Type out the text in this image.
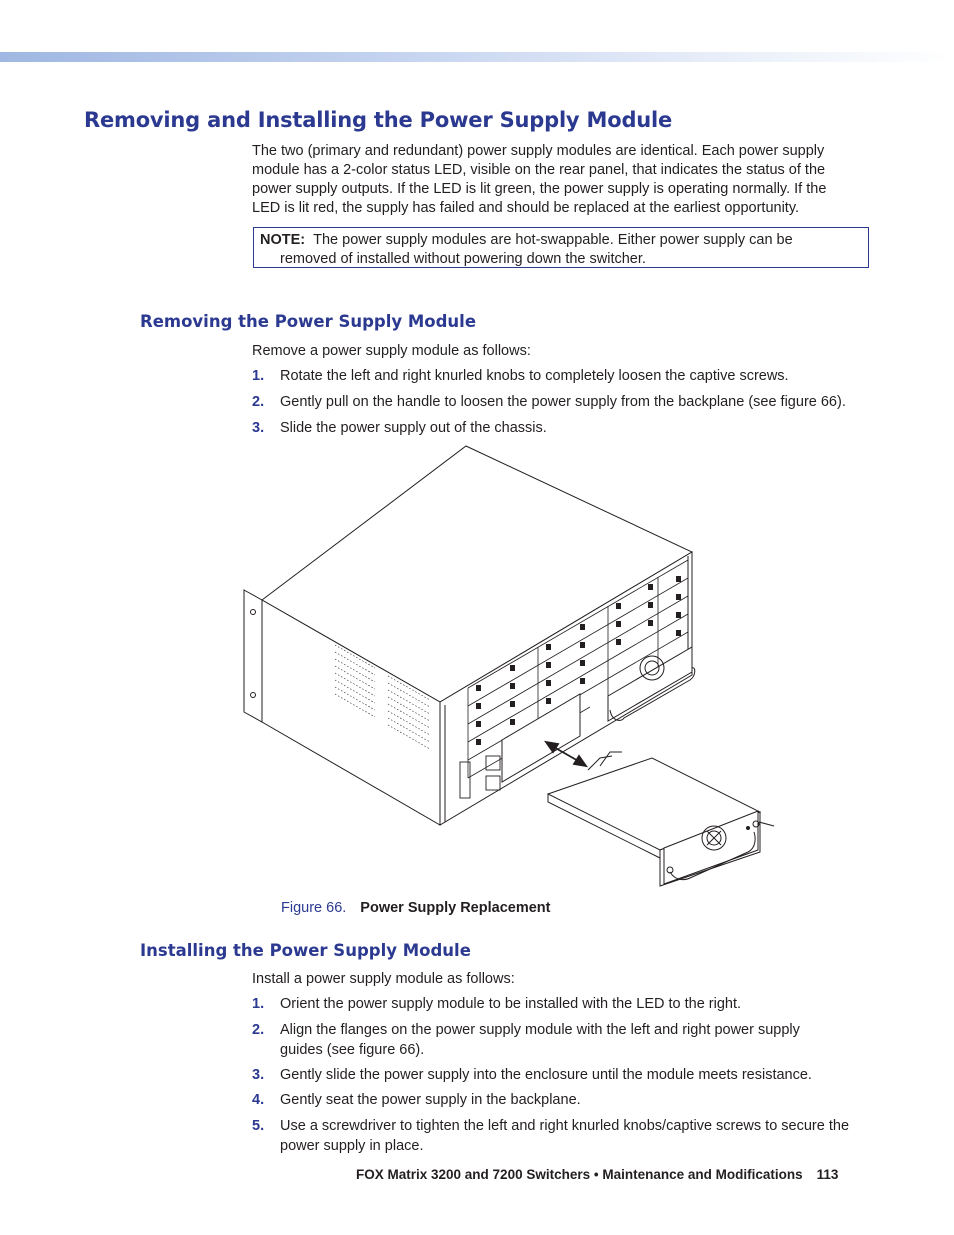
Removing and Installing the Power Supply Module
The two (primary and redundant) power supply modules are identical. Each power supply
module has a 2-color status LED, visible on the rear panel, that indicates the status of the
power supply outputs. If the LED is lit green, the power supply is operating normally. If the
LED is lit red, the supply has failed and should be replaced at the earliest opportunity.
NOTE: The power supply modules are hot-swappable. Either power supply can be
removed of installed without powering down the switcher.
Removing the Power Supply Module
Remove a power supply module as follows:
1. Rotate the left and right knurled knobs to completely loosen the captive screws.
2. Gently pull on the handle to loosen the power supply from the backplane (see figure 66).
3. Slide the power supply out of the chassis.
Figure 66. Power Supply Replacement
Installing the Power Supply Module
Install a power supply module as follows:
1. Orient the power supply module to be installed with the LED to the right.
2. Align the flanges on the power supply module with the left and right power supply guides (see figure 66).
3. Gently slide the power supply into the enclosure until the module meets resistance.
4. Gently seat the power supply in the backplane.
5. Use a screwdriver to tighten the left and right knurled knobs/captive screws to secure the power supply in place.
FOX Matrix 3200 and 7200 Switchers • Maintenance and Modifications 113
